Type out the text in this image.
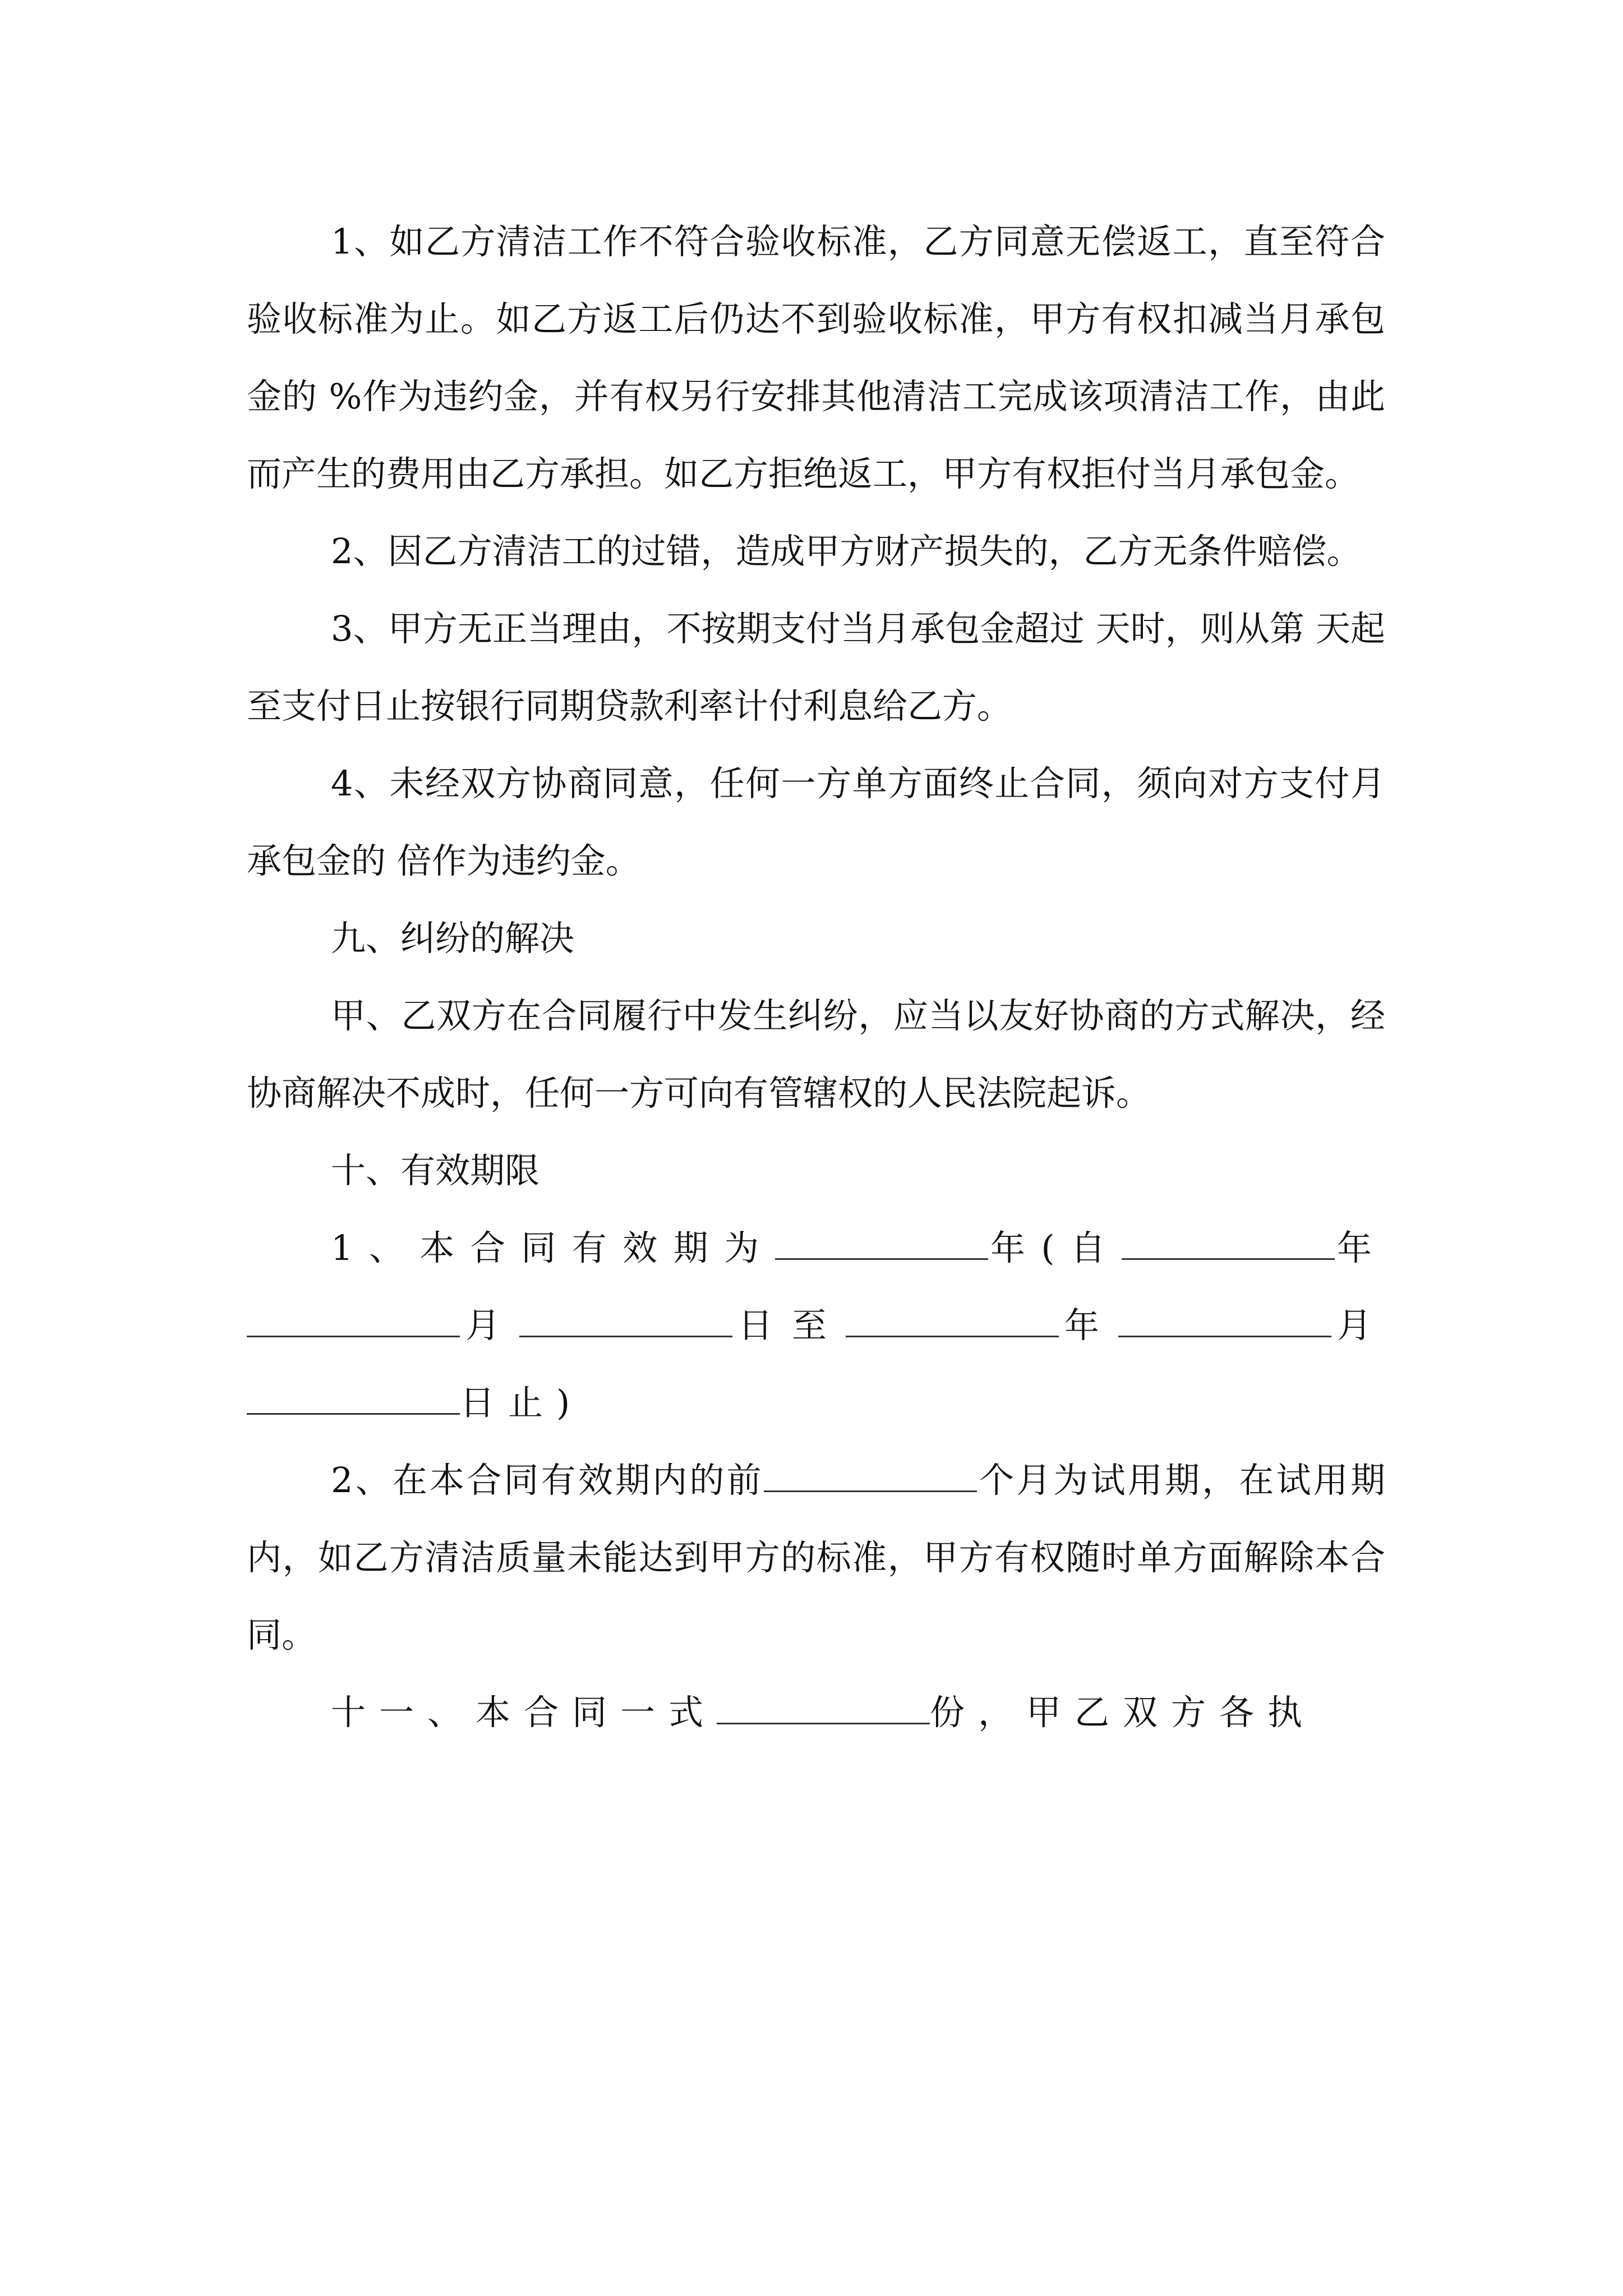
1、如乙方清洁工作不符合验收标准，乙方同意无偿返工，直至符合验收标准为止。如乙方返工后仍达不到验收标准，甲方有权扣减当月承包金的 %作为违约金，并有权另行安排其他清洁工完成该项清洁工作，由此而产生的费用由乙方承担。如乙方拒绝返工，甲方有权拒付当月承包金。

2、因乙方清洁工的过错，造成甲方财产损失的，乙方无条件赔偿。

3、甲方无正当理由，不按期支付当月承包金超过 天时，则从第 天起至支付日止按银行同期贷款利率计付利息给乙方。

4、未经双方协商同意，任何一方单方面终止合同，须向对方支付月承包金的 倍作为违约金。

九、纠纷的解决

甲、乙双方在合同履行中发生纠纷，应当以友好协商的方式解决，经协商解决不成时，任何一方可向有管辖权的人民法院起诉。

十、有效期限

1、本合同有效期为	年(自	年月	日至	年	月日止)

2、在本合同有效期内的前	个月为试用期，在试用期内，如乙方清洁质量未能达到甲方的标准，甲方有权随时单方面解除本合同。

十一、本合同一式	份，甲乙双方各执
